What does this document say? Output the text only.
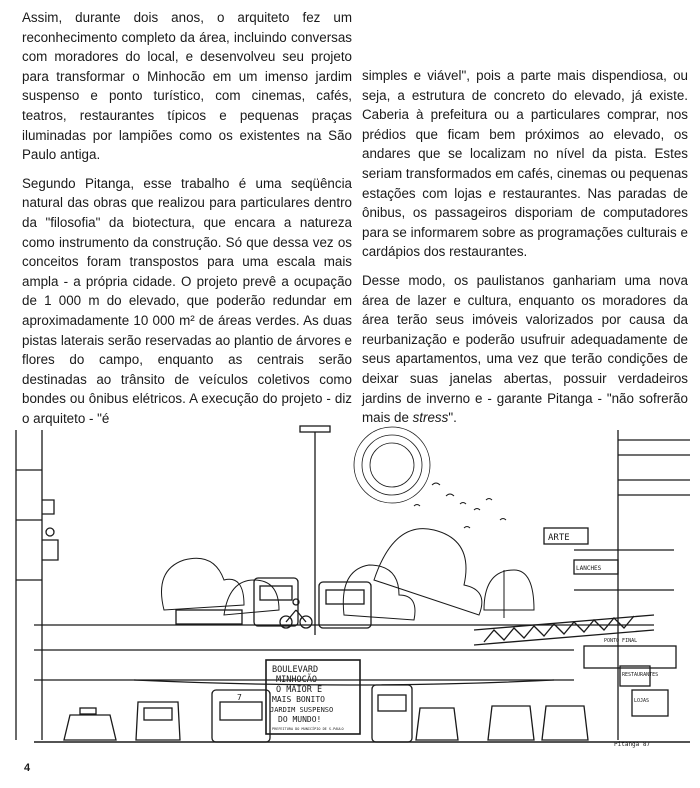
Assim, durante dois anos, o arquiteto fez um reconhecimento completo da área, incluindo conversas com moradores do local, e desenvolveu seu projeto para transformar o Minhocão em um imenso jardim suspenso e ponto turístico, com cinemas, cafés, teatros, restaurantes típicos e pequenas praças iluminadas por lampiões como os existentes na São Paulo antiga.

Segundo Pitanga, esse trabalho é uma seqüência natural das obras que realizou para particulares dentro da "filosofia" da biotectura, que encara a natureza como instrumento da construção. Só que dessa vez os conceitos foram transpostos para uma escala mais ampla - a própria cidade. O projeto prevê a ocupação de 1 000 m do elevado, que poderão redundar em aproximadamente 10 000 m² de áreas verdes. As duas pistas laterais serão reservadas ao plantio de árvores e flores do campo, enquanto as centrais serão destinadas ao trânsito de veículos coletivos como bondes ou ônibus elétricos. A execução do projeto - diz o arquiteto - "é

simples e viável", pois a parte mais dispendiosa, ou seja, a estrutura de concreto do elevado, já existe. Caberia à prefeitura ou a particulares comprar, nos prédios que ficam bem próximos ao elevado, os andares que se localizam no nível da pista. Estes seriam transformados em cafés, cinemas ou pequenas estações com lojas e restaurantes. Nas paradas de ônibus, os passageiros disporiam de computadores para se informarem sobre as programações culturais e cardápios dos restaurantes.

Desse modo, os paulistanos ganhariam uma nova área de lazer e cultura, enquanto os moradores da área terão seus imóveis valorizados por causa da reurbanização e poderão usufruir adequadamente de seus apartamentos, uma vez que terão condições de deixar suas janelas abertas, possuir verdadeiros jardins de inverno e - garante Pitanga - "não sofrerão mais de stress".

ARTE
LANCHES
PONTO FINAL
RESTAURANTES
LOJAS
BOULEVARD
MINHOCÃO
O MAIOR E
MAIS BONITO
JARDIM SUSPENSO
DO MUNDO!
PREFEITURA DO MUNICÍPIO DE S.PAULO
7
Pitanga 87
4
